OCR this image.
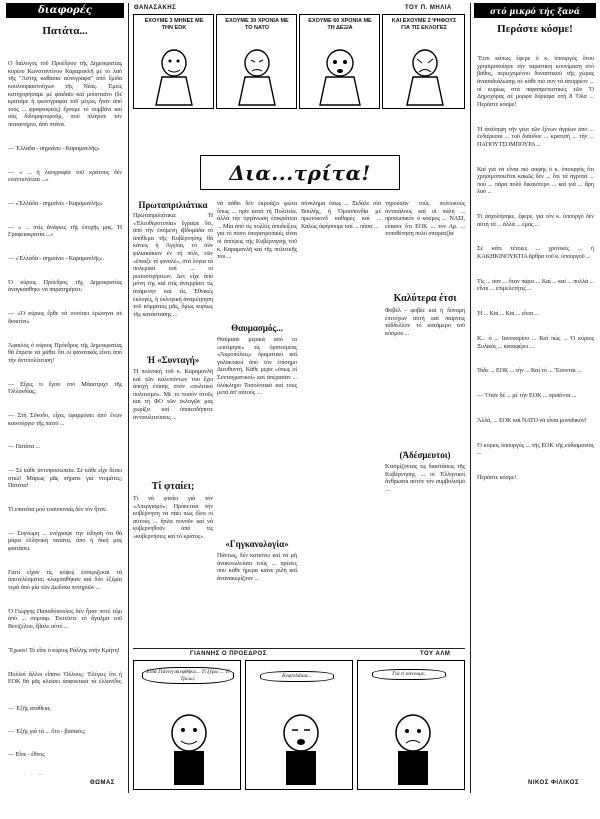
διαφορές
Πατάτα...

Ο διάλογος τοῦ Προέδρου τῆς Δημοκρατίας κυρίου Κωνσταντίνου Καραμανλῆ μέ τό λαό τῆς "Άστης καθάσια αὐτόγραφα" ἀπό ἔμιδα κουλουριαστούχων τῆς Νέας. Ἐμείς κατηγορήσαμε μέ φαιδαῖο καί μουσταίνο (δέ κρατάμε ἡ φωτογραφία τοῦ μέγως ἦταν ἀπό τούς ... φραγκοφεύς) ἔχουμε τό συμβάνι καί σάς διδομαρτυροῦμ, πού πλάγισε τόν ποταστήριο, ἀπό πτάνα.

— Ἑλλάδα - σημαίνει - Καραμανλῆς»

— « ... ἡ λαογραφία τοῦ κράτους δέν εναντιονείται ...»

— «Ἑλλάδα - σημαίνει - Καραμανλῆς»

— « ... στίς ἀνάγκες τῆς ἐποχῆς μας. Ἡ Γραφειοκρατία ...»

— «Ἑλλάδα - σημαίνει - Καραμανλῆς».

Ὁ κύριος Πρόεδρος τῆς Δημοκρατίας ἀναγκάσθηκε νά παρατηρήσει:

— «Ὁ κύριος ἔρθε νά συνέσει ἐρώτηνα σέ διοκτίνι»

Ἀφαιλός ὁ κύριος Πρόεδρος τῆς Δημοκρατίας θά ἔπρεπε νά μάθει ὅτι οἱ φανατικός εἶναι ἀπό τήν ἀντιπολίτευση!

— Εἴχες τί ἔγινε στό Μάαστριχτ τῆς Ὁλλανδίας;

— Στή Σύνοδο, εἶχες ἐφαρμόσει ἀπό ἕνων καινούργιο τῆς πιάτο ...

— Πατάτα ...

— Σέ κάθε ἀντιπροσωπεία. Σέ κάθε εἶχε δέσει στιώ! Μάρως μᾶς πήρατε γιά ντομάτες; Πατάτα!

Τί επατάτα μού τοσυπονιάς δέν τόν ἦταν.

— Συγνώμη ... ενέγραψε την είδηση ότι θά μάρει ἐλληνική πατάτα, ἀπο ή δική μας φαιτάσει.

Γιατί εἶχαν τίς κόψες ἐσπεριζεκαί τά ἀποτελέσματα; κλαμπαθήκαν καί δύο ἑξέμαι νερά ἀπό μία τῶν Δωδεκα ποτηριῶν ...

Ὁ Γιώργης Παπαδόπουλος δέν ἦταν ποτέ τέμι ἀπό ... συμπαρ. Ἐκτεϊστε τό ἄγαλμα τοῦ Βενιζέλου, ἔβαλε αὐτό ...

Ἔχωσε! Τό εἶπε ὁ κύριος Ράλλης στήν Κρήτη!

Πολλοί ἄλλοι εἶπανε Ὁλλους: Ἐλέγεις ὅτι ἡ ΕΟΚ θά μᾶς κλείσει ἀσφυκτικά τά ἑλλανίδα,

— Ἐξῆς απάθεια;

— Ἐξῆς γιά τά ... ὄτο - βασικός;

— Εἶπε - ἔθνος

ΘΩΜΑΣ
ΘΑΝΑΣΑΚΗΣ	ΤΟΥ Π. ΜΗΛΙΑ
ΕΧΟΥΜΕ 3 ΜΗΝΕΣ ΜΕ ΤΗΝ ΕΟΚ
ΕΧΟΥΜΕ 30 ΧΡΟΝΙΑ ΜΕ ΤΟ ΝΑΤΟ
ΕΧΟΥΜΕ 60 ΧΡΟΝΙΑ ΜΕ ΤΗ ΔΕΞΙΑ
ΚΑΙ ΕΧΟΥΜΕ 2 ΨΗΦΟΥΣ ΓΙΑ ΤΙΣ ΕΚΛΟΓΕΣ
Δια...τρίτα!
Πρωταπριλιάτικα
Πρωταπριλιάτικα: Ἡ «Ἐλευθεροτυπία» ἔγραψε ὅτι, ἀπό τήν ἐπόμενη ἐβδομάδα τό ἀπόθεμα τῆς Κυβέρνησης θά κάνεις ἡ Ἀγγλία, τό σύν φιλιακάκιον ἐν τή πόλι, τῶν «ἔπαιξε τό φιναλέ», στά λόγια τά πολεμικά καί ... οἱ ρωτοστιγήσεων. Δέν εἶχε ἀπό μόνη της καί στίς ἀντιρρίσει τίς ἀνάμενην καί τίς Ἐθνικές ἐκλογές, ἡ ἐκλογική ἀναμέτρηση τοῦ κόμματος μᾶς, ὅμως κυρίως τῆς κατάστασης ...
Ἡ «Συνταγή»
Ἡ πολιτική τοῦ κ. Καραμανλῆ καί τῶν καλεπόντων του ἔχει ἀποχή ἐπίσης στόν «πολιτικό πολιτισμό». Μέ το ποσόν στοῦς καί τή ΦΟ τῶν ἐκλογῶν μας χωρίζει καί ὁποιεσδήποτε ἀντιπολιτεύσεις ...
Τί φταίει;
Τί νά φταίει γιά τόν «Απεργισμό»; Πρόκειται τήν κυβέρνηση νά πάει πώς ὅλοι οἱ αὐτούς ... ἤπλα πονοῦν καί νά κυβερνηθοῦν ἀπό τίς «κυβερνήσεις καί τό κράτος».
νά πάθει δέν ἐκροάζει φώτα ὅπως ... πρὶν κατά τή Πολιτεία, ἀλλά τήν ὀργάνωση ἐπικράτεια ... Μία ἀπό τίς πολλές ἀποδείξεις γιά τό πόσο ὑπαρατροπικές εἶναι οἱ ἀπόψεις τῆς Κυβέρνησης τοῦ κ. Καραμανλῆ καί τῆς πολιτικῆς του ...
Θαυμασμός...
Θαύμασε μερικά από το «εκτίμησε» τίς ὁρατισμέας «Ἀκροπόλεις» δραματικό καί γαλακτικοί ἀπό τόν ἐπίσημο Διευθυντή. Κάθε μερα «ὁπως οἱ Συνταγματικοί» καί ἀπέρασαν ... ὁλόκληρο Τοσολοτικό καί τους μετά ἀπ' αὐτούς ...
«Γηγκανολογία»
Πάντως, δέν κατιόνει καί νά μή ἀνακινωλείσαι τούς ... πρέσες που κάθε ήμερα καίνε ρίλη καί ἀνανακεμίζουν ...
σύνκλημα ὁπως ... Ξεδάλε σίσ Βουλής, ἡ Ὁμοσπονδία μέ πρωτόκονδ καθαρές καί ... Καλώς ἀφήσουμε καί ... πόσα ...
τηρούσαν τοὺς πολιτικούς ἀντιπάλους καὶ οἱ πάλη ... προσωπικόν ὁ κόσμος ... ΝΑΣΙ, εἶπιανε ὅτι ΕΟΚ ... τόν Αρ. ... τοποθέτηση πολύ σπαρατζία
Καλύτερα έτσι
Φοβέλ - φοβέε καί ἡ δύναμη ἐπιτόχων αὐτή καί παίρνεις τάδδελλον τό κατάμερο τοῦ κόσμου ...
(Ἀδέσμευτοι)
Κτισμίζοντας τις διαστάσεις τῆς Κυβέρνησης ... οἱ Ἑλληνικοί ἄνθρωποι αὐτόν τόν συμβολισμό ...
ΓΙΑΝΝΗΣ Ο ΠΡΟΕΔΡΟΣ	ΤΟΥ ΑΛΜ
Εἶπα Γιάννη σκεφθῆκα... Τί ξέρω ... Τί Τρώω;	Κεφτεδάκια...	Γιά τί κάνουμε;
στό μικρό τής ξανά
Περάστε κόσμε!

Ἔτσι κάπως ἔφερε ὁ κ. ὑπουργός ὅτου χρησιμοποίησε τήν ταριστική κουνίμαση στό βάθος, περιεχομένου δυναστικού τῆς χώρας ἀνασαδιάλωσης σέ κάθε πιό συν τά ἀπορρέον ... οἱ κυρίως στά παραπρετεστικές τῶν Ὅ Δημοχόρας σέ μορφα δόρισμα στή 8 Ὅλα ... Περάστε κόσμε!

Ἡ ἀνάληψη τῆν γεία τῶν ξένων ἀγρίων ἀπό ... ἐνδιέρεσαι ... τοῦ διάσδυν ... κρατισή ... τήν ... ΠΑΠΟΥΤΣΟΜΠΟΥΡΑ ...

Καί γιά νά εἶναι πιό σαφής ὁ κ. ὑπουργός ὅτι χρησιμοποιεῖται κακῶς δέν ... ὅτι τά ἀγροτά ... πού ... πάρα πολύ δικαιότερο ... καί γιά ... ἄρη λαό ...

Τί ἀσχολήσηκε, ἔφερε, γιά τόν κ. ὑπουργό δέν αὐτή τά ... ἀλλά ... ἐμάς ...

Σέ κάτι τέτοιες ... χρονικές ... ἡ ΚΑΚΗΚΙΝΟΥΚΤΙΑ ἄρθρα τοῦ κ. ὑπουργοῦ ...

Τίς ... σαν ... ὅταν πάρει ... Καί ... καί ... πολλά ... εἶναι ... ἐπιμελετήτις ...

Ἡ ... Καί ... Καί ... εἶναι ...

Κ... ὁ ... Ιανουαρίου ... Καί πώς ... Ὁ κύριος Ξυλικός ... καταφέρει ...

Τάδε ... ΕΟΚ ... τήν ... Καί τό ... Ἔσονται ...

— Ὅταν δέ ... μέ τήν ΕΟΚ ... προϊόντα ...

Ἀλλά, ... ΕΟΚ καί ΝΑΤΟ νά εἶναι μοναδικόν!

Ὁ κύριος ὑπουργός ... τῆς ΕΟΚ τῆς εὐδαιμονίας ...

Περάστε κόσμε!

ΝΙΚΟΣ ΦΙΛΙΚΟΣ
